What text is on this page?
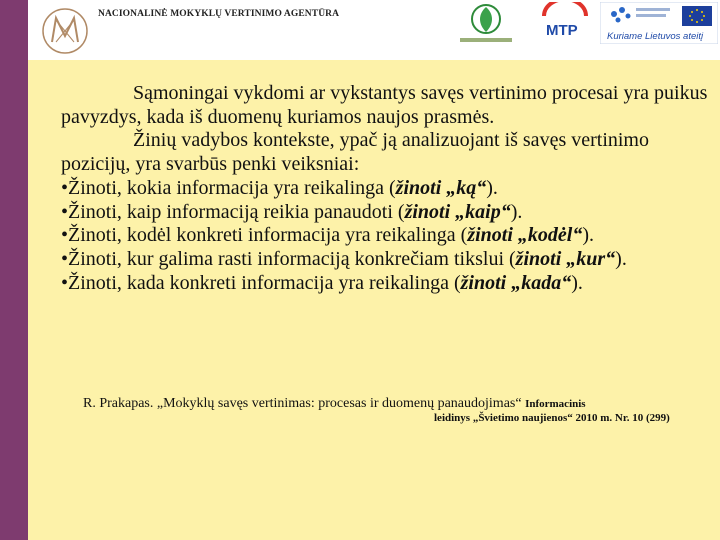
NACIONALINĖ MOKYKLŲ VERTINIMO AGENTŪRA
MTP	Kuriame Lietuvos ateitį

Sąmoningai vykdomi ar vykstantys savęs vertinimo procesai yra puikus pavyzdys, kada iš duomenų kuriamos naujos prasmės.

Žinių vadybos kontekste, ypač ją analizuojant iš savęs vertinimo pozicijų, yra svarbūs penki veiksniai:

•Žinoti, kokia informacija yra reikalinga (žinoti „ką“).

•Žinoti, kaip informaciją reikia panaudoti (žinoti „kaip“).

•Žinoti, kodėl konkreti informacija yra reikalinga (žinoti „kodėl“).

•Žinoti, kur galima rasti informaciją konkrečiam tikslui (žinoti „kur“).

•Žinoti, kada konkreti informacija yra reikalinga (žinoti „kada“).

R. Prakapas. „Mokyklų savęs vertinimas: procesas ir duomenų panaudojimas“ Informacinis
leidinys „Švietimo naujienos“ 2010 m. Nr. 10 (299)
